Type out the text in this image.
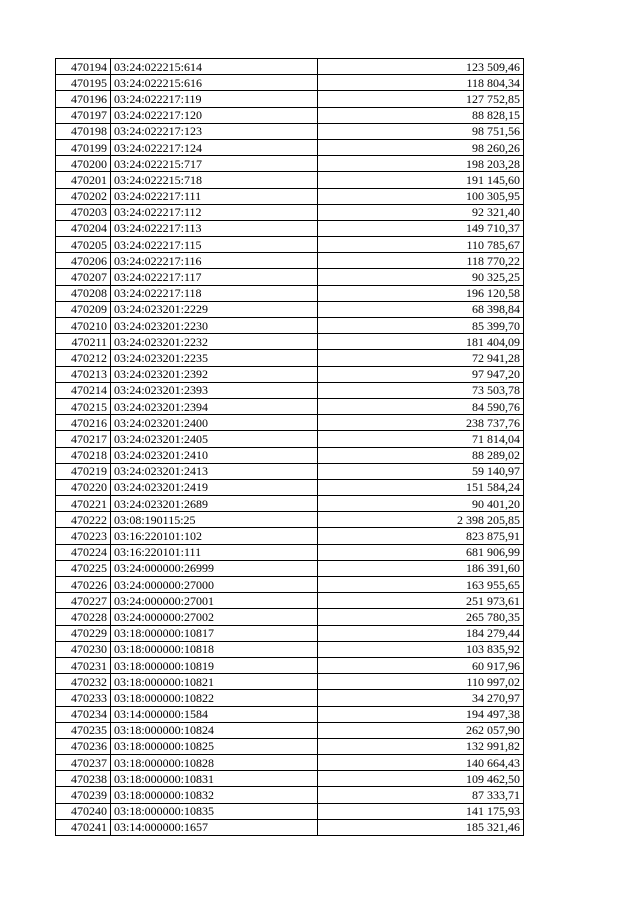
470194	03:24:022215:614	123 509,46
470195	03:24:022215:616	118 804,34
470196	03:24:022217:119	127 752,85
470197	03:24:022217:120	88 828,15
470198	03:24:022217:123	98 751,56
470199	03:24:022217:124	98 260,26
470200	03:24:022215:717	198 203,28
470201	03:24:022215:718	191 145,60
470202	03:24:022217:111	100 305,95
470203	03:24:022217:112	92 321,40
470204	03:24:022217:113	149 710,37
470205	03:24:022217:115	110 785,67
470206	03:24:022217:116	118 770,22
470207	03:24:022217:117	90 325,25
470208	03:24:022217:118	196 120,58
470209	03:24:023201:2229	68 398,84
470210	03:24:023201:2230	85 399,70
470211	03:24:023201:2232	181 404,09
470212	03:24:023201:2235	72 941,28
470213	03:24:023201:2392	97 947,20
470214	03:24:023201:2393	73 503,78
470215	03:24:023201:2394	84 590,76
470216	03:24:023201:2400	238 737,76
470217	03:24:023201:2405	71 814,04
470218	03:24:023201:2410	88 289,02
470219	03:24:023201:2413	59 140,97
470220	03:24:023201:2419	151 584,24
470221	03:24:023201:2689	90 401,20
470222	03:08:190115:25	2 398 205,85
470223	03:16:220101:102	823 875,91
470224	03:16:220101:111	681 906,99
470225	03:24:000000:26999	186 391,60
470226	03:24:000000:27000	163 955,65
470227	03:24:000000:27001	251 973,61
470228	03:24:000000:27002	265 780,35
470229	03:18:000000:10817	184 279,44
470230	03:18:000000:10818	103 835,92
470231	03:18:000000:10819	60 917,96
470232	03:18:000000:10821	110 997,02
470233	03:18:000000:10822	34 270,97
470234	03:14:000000:1584	194 497,38
470235	03:18:000000:10824	262 057,90
470236	03:18:000000:10825	132 991,82
470237	03:18:000000:10828	140 664,43
470238	03:18:000000:10831	109 462,50
470239	03:18:000000:10832	87 333,71
470240	03:18:000000:10835	141 175,93
470241	03:14:000000:1657	185 321,46
